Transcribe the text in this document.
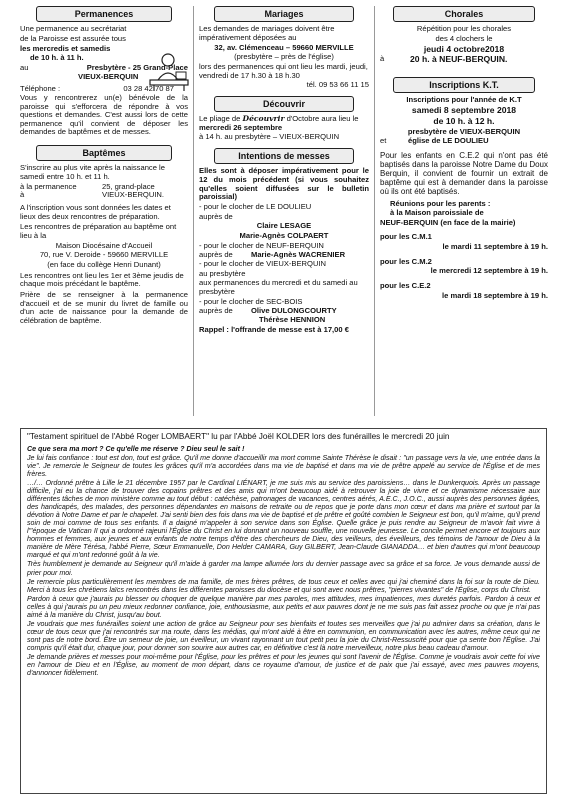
Permanences

Une permanence au secrétariat

de la Paroisse est assurée tous

les mercredis et samedis

de 10 h. à 11 h.

au	Presbytère - 25 Grand-Place

VIEUX-BERQUIN

Téléphone :	03 28 42 70 87

Vous y rencontrerez un(e) bénévole de la paroisse qui s'efforcera de répondre à vos questions et demandes. C'est aussi lors de cette permanence qu'il convient de déposer les demandes de baptêmes et de messes.

Baptêmes

S'inscrire au plus vite après la naissance le samedi entre 10 h. et 11 h.

à la permanence	25, grand-place
à	VIEUX-BERQUIN.

A l'inscription vous sont données les dates et lieux des deux rencontres de préparation.

Les rencontres de préparation au baptême ont lieu à la

Maison Diocésaine d'Accueil

70, rue V. Deroide - 59660 MERVILLE

(en face du collège Henri Dunant)

Les rencontres ont lieu les 1er et 3ème jeudis de chaque mois précédant le baptême.

Prière de se renseigner à la permanence d'accueil et de se munir du livret de famille ou d'un acte de naissance pour la demande de célébration de baptême.

Mariages

Les demandes de mariages doivent être impérativement déposées au

32, av. Clémenceau – 59660 MERVILLE

(presbytère – près de l'église)

lors des permanences qui ont lieu les mardi, jeudi, vendredi de 17 h.30 à 18 h.30

tél. 09 53 66 11 15

Découvrir

Le pliage de Découvrir d'Octobre aura lieu le mercredi 26 septembre

à 14 h. au presbytère – VIEUX-BERQUIN

Intentions de messes

Elles sont à déposer impérativement pour le 12 du mois précédent (si vous souhaitez qu'elles soient diffusées sur le bulletin paroissial)

- pour le clocher de LE DOULIEU

auprès de

Claire LESAGE

Marie-Agnès COLPAERT

- pour le clocher de NEUF-BERQUIN

auprès de	Marie-Agnès WACRENIER

- pour le clocher de VIEUX-BERQUIN

au presbytère

aux permanences du mercredi et du samedi au presbytère

- pour le clocher de SEC-BOIS

auprès de	Olive DULONGCOURTY

Thérèse HENNION

Rappel : l'offrande de messe est à 17,00 €

Chorales

Répétition pour les chorales

des 4 clochers le

jeudi 4 octobre2018

à	20 h. à NEUF-BERQUIN.
Inscriptions K.T.

Inscriptions pour l'année de K.T

samedi 8 septembre 2018

de 10 h. à 12 h.

presbytère de VIEUX-BERQUIN

et	église de LE DOULIEU

Pour les enfants en C.E.2 qui n'ont pas été baptisés dans la paroisse Notre Dame du Doux Berquin, il convient de fournir un extrait de baptême qui est à demander dans la paroisse où ils ont été baptisés.

Réunions pour les parents :

à la Maison paroissiale de

NEUF-BERQUIN (en face de la mairie)

pour les C.M.1

le mardi 11 septembre à 19 h.

pour les C.M.2

le mercredi 12 septembre à 19 h.

pour les C.E.2

le mardi 18 septembre à 19 h.

"Testament spirituel de l'Abbé Roger LOMBAERT" lu par l'Abbé Joël KOLDER lors des funérailles le mercredi 20 juin

Ce que sera ma mort ? Ce qu'elle me réserve ? Dieu seul le sait !

Je lui fais confiance : tout est don, tout est grâce. Qu'il me donne d'accueillir ma mort comme Sainte Thérèse le disait : "un passage vers la vie, une entrée dans la vie". Je remercie le Seigneur de toutes les grâces qu'il m'a accordées dans ma vie de baptisé et dans ma vie de prêtre appelé au service de l'Église et de mes frères.

…/… Ordonné prêtre à Lille le 21 décembre 1957 par le Cardinal LIÉNART, je me suis mis au service des paroissiens… dans le Dunkerquois. Après un passage difficile, j'ai eu la chance de trouver des copains prêtres et des amis qui m'ont beaucoup aidé à retrouver la joie de vivre et ce dynamisme nécessaire aux différentes tâches de mon ministère comme au tout début : catéchèse, patronages de vacances, centres aérés, A.E.C., J.O.C., aussi auprès des personnes âgées, des handicapés, des malades, des personnes dépendantes en maisons de retraite ou de repos que je porte dans mon cœur et dans ma prière et surtout par la dévotion à Notre Dame et par le chapelet. J'ai senti bien des fois dans ma vie de baptisé et de prêtre et goûté combien le Seigneur est bon, qu'il m'aime, qu'il prend soin de moi comme de tous ses enfants. Il a daigné m'appeler à son service dans son Église. Quelle grâce je puis rendre au Seigneur de m'avoir fait vivre à l'"époque de Vatican II qui a ordonné rajeuni l'Église du Christ en lui donnant un nouveau souffle, une nouvelle jeunesse. Le concile permet encore et toujours aux hommes et femmes, aux jeunes et aux enfants de notre temps d'être des chercheurs de Dieu, des veilleurs, des éveilleurs, des témoins de l'amour de Dieu à la manière de Mère Térésa, l'abbé Pierre, Sœur Emmanuelle, Don Helder CAMARA, Guy GILBERT, Jean-Claude GIANADDA… et bien d'autres qui m'ont beaucoup marqué et qui m'ont redonné goût à la vie.

Très humblement je demande au Seigneur qu'il m'aide à garder ma lampe allumée lors du dernier passage avec sa grâce et sa force. Je vous demande aussi de prier pour moi.

Je remercie plus particulièrement les membres de ma famille, de mes frères prêtres, de tous ceux et celles avec qui j'ai cheminé dans la foi sur la route de Dieu. Merci à tous les chrétiens laïcs rencontrés dans les différentes paroisses du diocèse et qui sont avec nous prêtres, "pierres vivantes" de l'Église, corps du Christ.

Pardon à ceux que j'aurais pu blesser ou choquer de quelque manière par mes paroles, mes attitudes, mes impatiences, mes duretés parfois. Pardon à ceux et celles à qui j'aurais pu un peu mieux redonner confiance, joie, enthousiasme, aux petits et aux pauvres dont je ne me suis pas fait assez proche ou que je n'ai pas aimé à la manière du Christ, jusqu'au bout.

Je voudrais que mes funérailles soient une action de grâce au Seigneur pour ses bienfaits et toutes ses merveilles que j'ai pu admirer dans sa création, dans le cœur de tous ceux que j'ai rencontrés sur ma route, dans les médias, qui m'ont aidé à être en communion, en communication avec les autres, même ceux qui ne sont pas de notre bord. Être un semeur de joie, un éveilleur, un vivant rayonnant un tout petit peu la joie du Christ-Ressuscité pour que ça sente bon l'Église. J'ai compris qu'il était dur, chaque jour, pour donner son sourire aux autres car, en définitive c'est là notre merveilleux, notre plus beau cadeau d'amour.

Je demande prières et messes pour moi-même pour l'Église, pour les prêtres et pour les jeunes qui sont l'avenir de l'Église. Comme je voudrais avoir cette foi vive en l'amour de Dieu et en l'Église, au moment de mon départ, dans ce royaume d'amour, de justice et de paix que j'ai essayé, avec mes pauvres moyens, d'annoncer fidèlement.
